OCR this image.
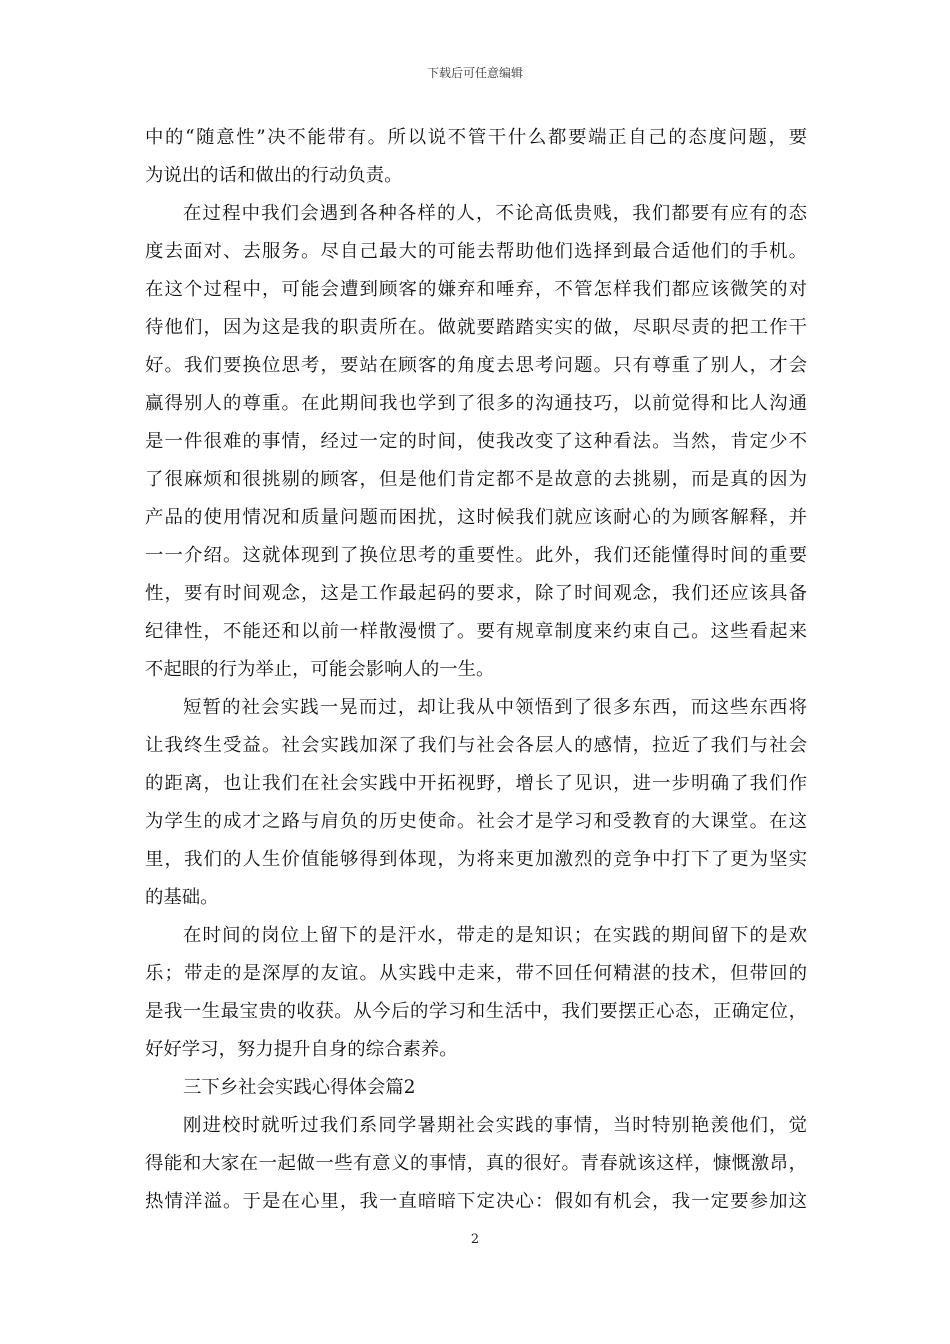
下载后可任意编辑
中的“随意性”决不能带有。所以说不管干什么都要端正自己的态度问题，要
为说出的话和做出的行动负责。
在过程中我们会遇到各种各样的人，不论高低贵贱，我们都要有应有的态
度去面对、去服务。尽自己最大的可能去帮助他们选择到最合适他们的手机。
在这个过程中，可能会遭到顾客的嫌弃和唾弃，不管怎样我们都应该微笑的对
待他们，因为这是我的职责所在。做就要踏踏实实的做，尽职尽责的把工作干
好。我们要换位思考，要站在顾客的角度去思考问题。只有尊重了别人，才会
赢得别人的尊重。在此期间我也学到了很多的沟通技巧，以前觉得和比人沟通
是一件很难的事情，经过一定的时间，使我改变了这种看法。当然，肯定少不
了很麻烦和很挑剔的顾客，但是他们肯定都不是故意的去挑剔，而是真的因为
产品的使用情况和质量问题而困扰，这时候我们就应该耐心的为顾客解释，并
一一介绍。这就体现到了换位思考的重要性。此外，我们还能懂得时间的重要
性，要有时间观念，这是工作最起码的要求，除了时间观念，我们还应该具备
纪律性，不能还和以前一样散漫惯了。要有规章制度来约束自己。这些看起来
不起眼的行为举止，可能会影响人的一生。
短暂的社会实践一晃而过，却让我从中领悟到了很多东西，而这些东西将
让我终生受益。社会实践加深了我们与社会各层人的感情，拉近了我们与社会
的距离，也让我们在社会实践中开拓视野，增长了见识，进一步明确了我们作
为学生的成才之路与肩负的历史使命。社会才是学习和受教育的大课堂。在这
里，我们的人生价值能够得到体现，为将来更加激烈的竞争中打下了更为坚实
的基础。
在时间的岗位上留下的是汗水，带走的是知识；在实践的期间留下的是欢
乐；带走的是深厚的友谊。从实践中走来，带不回任何精湛的技术，但带回的
是我一生最宝贵的收获。从今后的学习和生活中，我们要摆正心态，正确定位，
好好学习，努力提升自身的综合素养。
三下乡社会实践心得体会篇2
刚进校时就听过我们系同学暑期社会实践的事情，当时特别艳羡他们，觉
得能和大家在一起做一些有意义的事情，真的很好。青春就该这样，慷慨激昂，
热情洋溢。于是在心里，我一直暗暗下定决心：假如有机会，我一定要参加这
2
